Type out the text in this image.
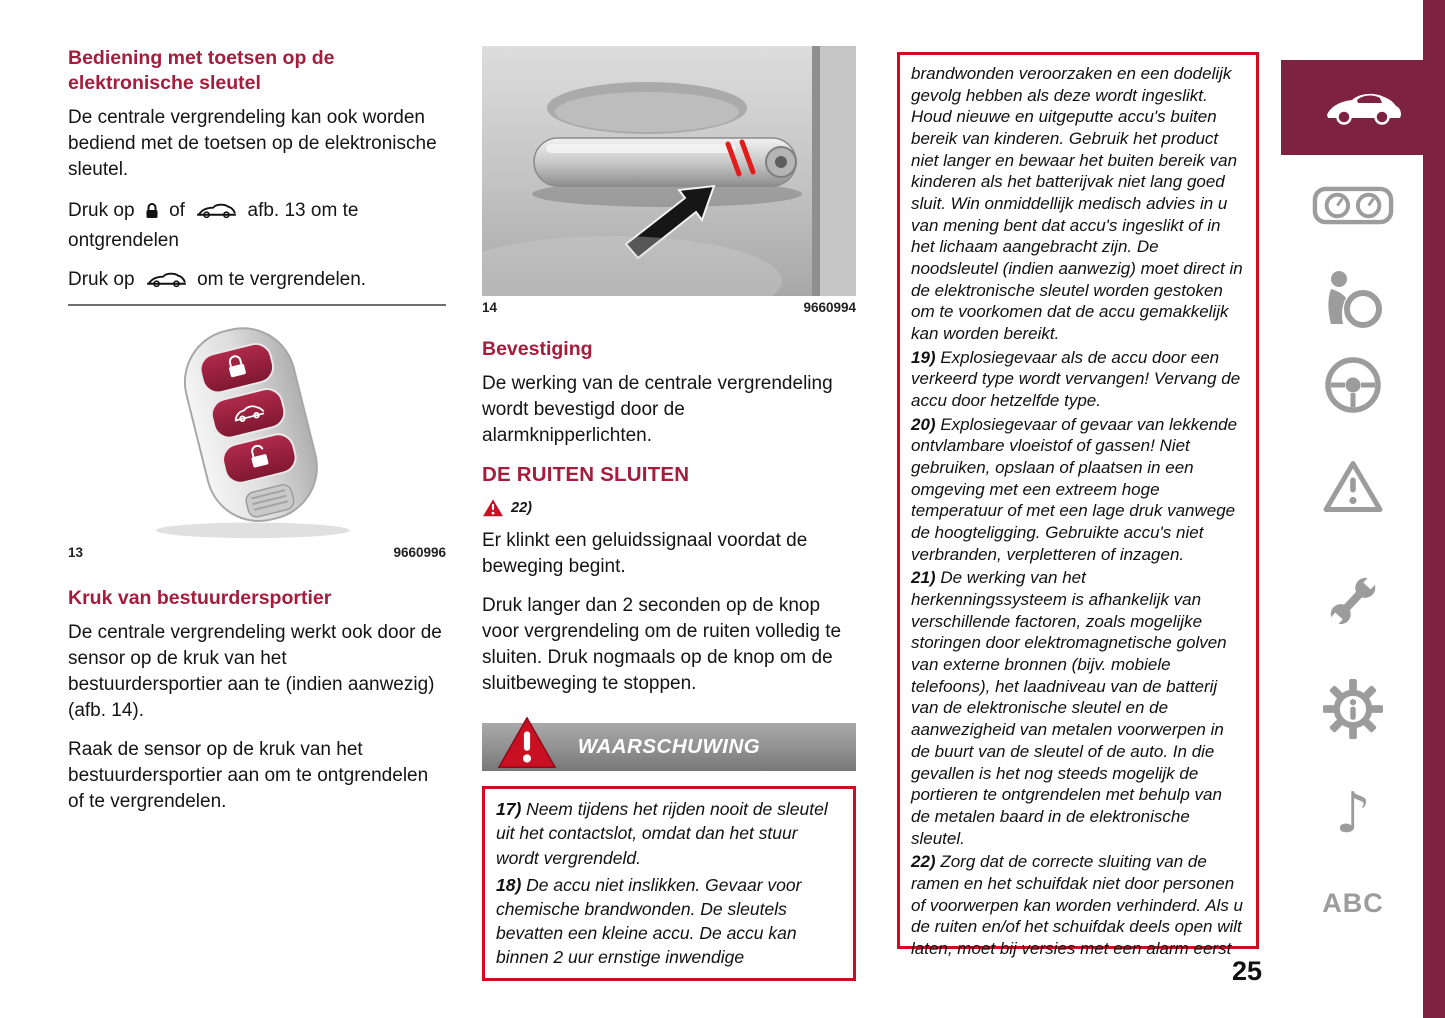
Bediening met toetsen op de elektronische sleutel

De centrale vergrendeling kan ook worden bediend met de toetsen op de elektronische sleutel.

Druk op of	afb. 13 om te ontgrendelen

Druk op	om te vergrendelen.

13	9660996
Kruk van bestuurdersportier

De centrale vergrendeling werkt ook door de sensor op de kruk van het bestuurdersportier aan te (indien aanwezig) (afb. 14).

Raak de sensor op de kruk van het bestuurdersportier aan om te ontgrendelen of te vergrendelen.

14	9660994
Bevestiging

De werking van de centrale vergrendeling wordt bevestigd door de alarmknipperlichten.

DE RUITEN SLUITEN
22)

Er klinkt een geluidssignaal voordat de beweging begint.

Druk langer dan 2 seconden op de knop voor vergrendeling om de ruiten volledig te sluiten. Druk nogmaals op de knop om de sluitbeweging te stoppen.

WAARSCHUWING

17) Neem tijdens het rijden nooit de sleutel uit het contactslot, omdat dan het stuur wordt vergrendeld.

18) De accu niet inslikken. Gevaar voor chemische brandwonden. De sleutels bevatten een kleine accu. De accu kan binnen 2 uur ernstige inwendige

brandwonden veroorzaken en een dodelijk gevolg hebben als deze wordt ingeslikt. Houd nieuwe en uitgeputte accu's buiten bereik van kinderen. Gebruik het product niet langer en bewaar het buiten bereik van kinderen als het batterijvak niet lang goed sluit. Win onmiddellijk medisch advies in u van mening bent dat accu's ingeslikt of in het lichaam aangebracht zijn. De noodsleutel (indien aanwezig) moet direct in de elektronische sleutel worden gestoken om te voorkomen dat de accu gemakkelijk kan worden bereikt.

19) Explosiegevaar als de accu door een verkeerd type wordt vervangen! Vervang de accu door hetzelfde type.

20) Explosiegevaar of gevaar van lekkende ontvlambare vloeistof of gassen! Niet gebruiken, opslaan of plaatsen in een omgeving met een extreem hoge temperatuur of met een lage druk vanwege de hoogteligging. Gebruikte accu's niet verbranden, verpletteren of inzagen.

21) De werking van het herkenningssysteem is afhankelijk van verschillende factoren, zoals mogelijke storingen door elektromagnetische golven van externe bronnen (bijv. mobiele telefoons), het laadniveau van de batterij van de elektronische sleutel en de aanwezigheid van metalen voorwerpen in de buurt van de sleutel of de auto. In die gevallen is het nog steeds mogelijk de portieren te ontgrendelen met behulp van de metalen baard in de elektronische sleutel.

22) Zorg dat de correcte sluiting van de ramen en het schuifdak niet door personen of voorwerpen kan worden verhinderd. Als u de ruiten en/of het schuifdak deels open wilt laten, moet bij versies met een alarm eerst

♪
ABC
25
